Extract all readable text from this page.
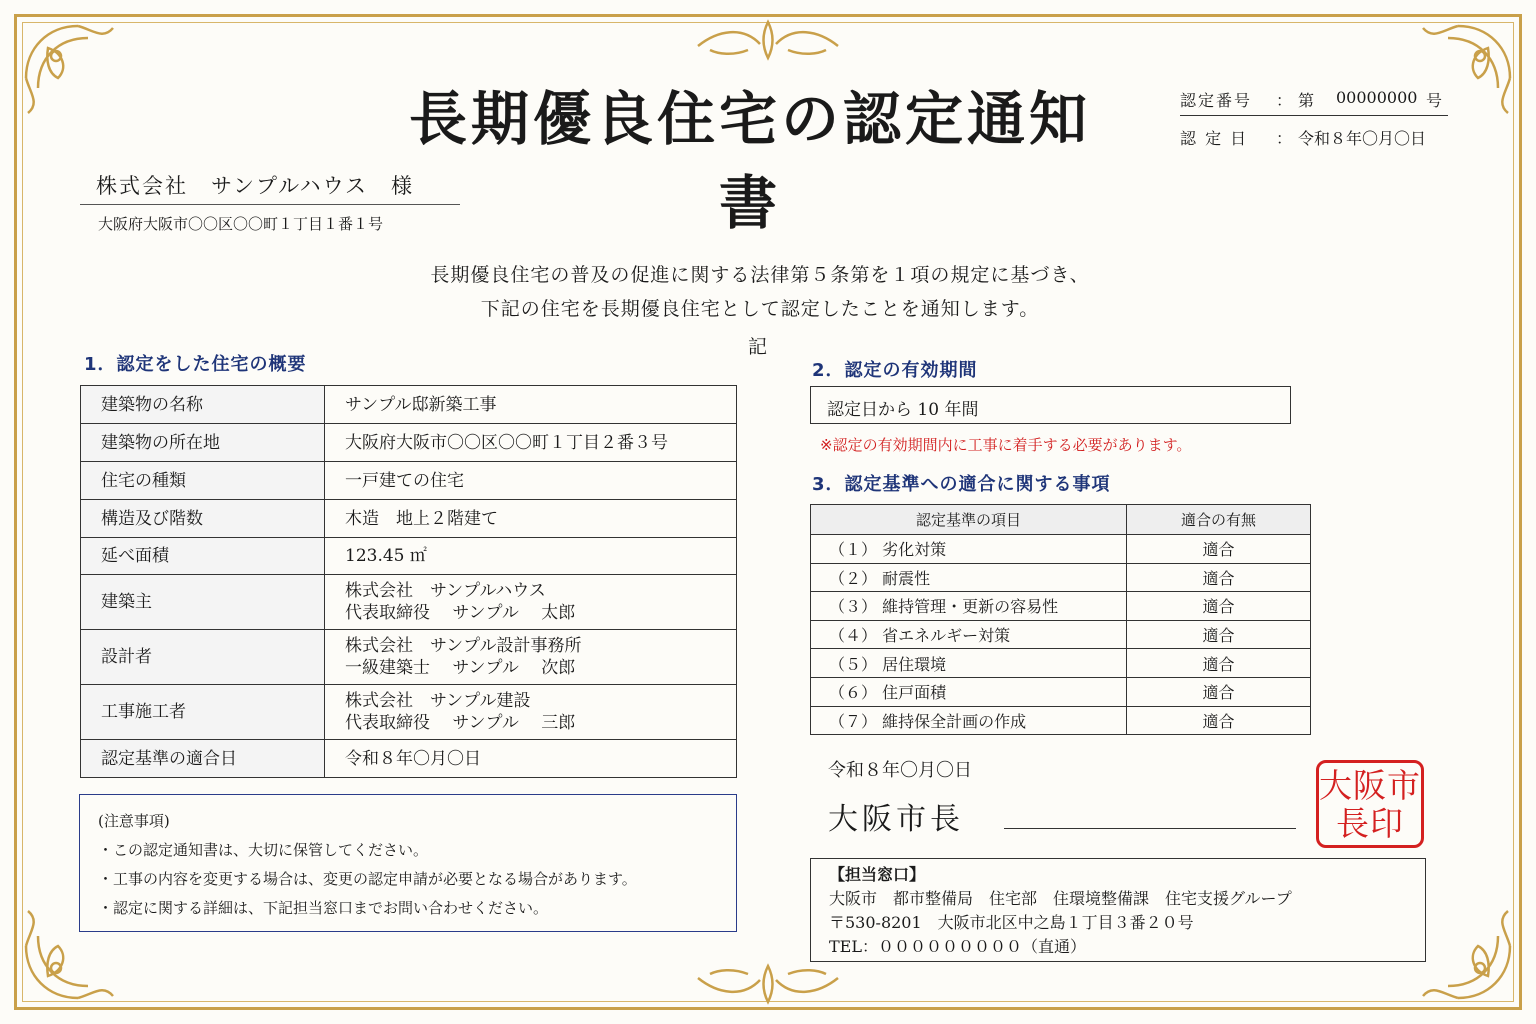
長期優良住宅の認定通知書
認定番号	： 第	00000000 号
認 定 日	： 令和８年〇月〇日
株式会社　サンプルハウス　様
大阪府大阪市〇〇区〇〇町１丁目１番１号
長期優良住宅の普及の促進に関する法律第５条第を１項の規定に基づき、
下記の住宅を長期優良住宅として認定したことを通知します。
記
1．認定をした住宅の概要
建築物の名称	サンプル邸新築工事
建築物の所在地	大阪府大阪市〇〇区〇〇町１丁目２番３号
住宅の種類	一戸建ての住宅
構造及び階数	木造　地上２階建て
延べ面積	123.45 ㎡
建築主	株式会社　サンプルハウス
代表取締役　 サンプル　 太郎

設計者	株式会社　サンプル設計事務所
一級建築士　 サンプル　 次郎

工事施工者	株式会社　サンプル建設
代表取締役　 サンプル　 三郎

認定基準の適合日	令和８年〇月〇日
(注意事項)
・この認定通知書は、大切に保管してください。
・工事の内容を変更する場合は、変更の認定申請が必要となる場合があります。
・認定に関する詳細は、下記担当窓口までお問い合わせください。
2．認定の有効期間
認定日から 10 年間
※認定の有効期間内に工事に着手する必要があります。
3．認定基準への適合に関する事項
認定基準の項目	適合の有無
（１） 劣化対策	適合
（２） 耐震性	適合
（３） 維持管理・更新の容易性	適合
（４） 省エネルギー対策	適合
（５） 居住環境	適合
（６） 住戸面積	適合
（７） 維持保全計画の作成	適合
令和８年〇月〇日
大阪市長
大阪市
長印
【担当窓口】
大阪市　都市整備局　住宅部　住環境整備課　住宅支援グループ
〒530-8201　大阪市北区中之島１丁目３番２０号
TEL：０００００００００（直通）
